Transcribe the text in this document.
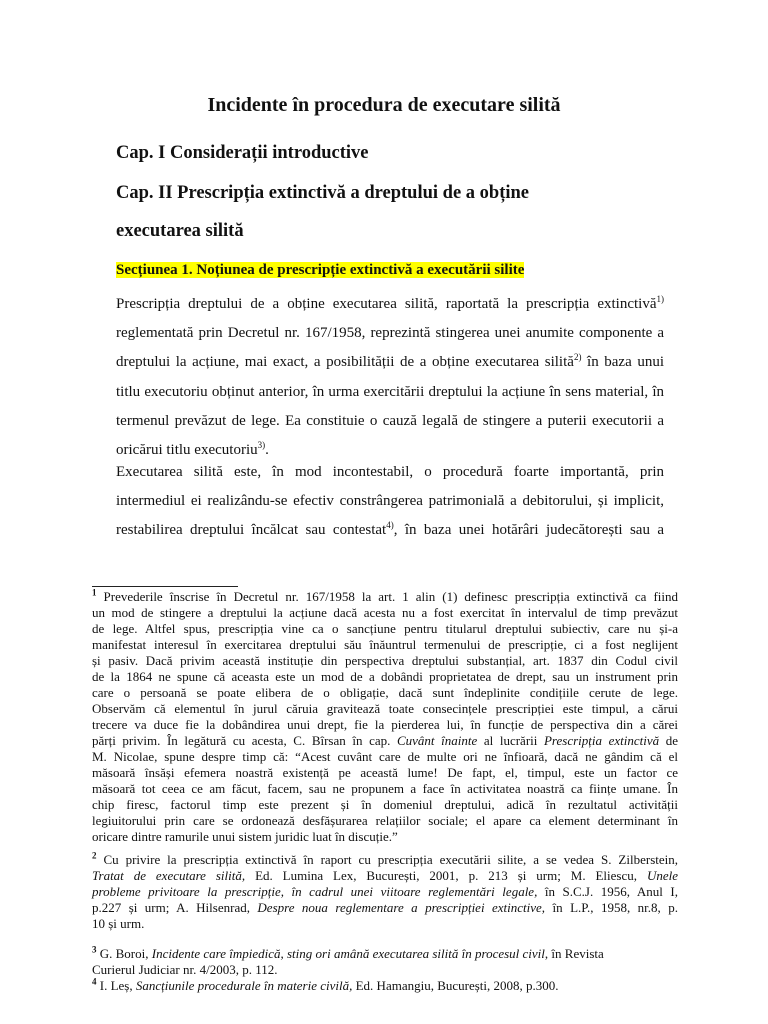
Incidente în procedura de executare silită

Cap. I Considerații introductive

Cap. II Prescripția extinctivă a dreptului de a obține
executarea silită

Secțiunea 1. Noțiunea de prescripție extinctivă a executării silite

Prescripția dreptului de a obține executarea silită, raportată la prescripția extinctivă$^{1)}$
reglementată prin Decretul nr. 167/1958, reprezintă stingerea unei anumite componente a
dreptului la acțiune, mai exact, a posibilității de a obține executarea silită$^{2)}$ în baza unui
titlu executoriu obținut anterior, în urma exercitării dreptului la acțiune în sens material, în
termenul prevăzut de lege. Ea constituie o cauză legală de stingere a puterii executorii a
oricărui titlu executoriu$^{3)}$.
Executarea silită este, în mod incontestabil, o procedură foarte importantă, prin
intermediul ei realizându-se efectiv constrângerea patrimonială a debitorului, și implicit,
restabilirea dreptului încălcat sau contestat$^{4)}$, în baza unei hotărâri judecătorești sau a
$^1$ Prevederile înscrise în Decretul nr. 167/1958 la art. 1 alin (1) definesc prescripția extinctivă ca fiind
un mod de stingere a dreptului la acțiune dacă acesta nu a fost exercitat în intervalul de timp prevăzut
de lege. Altfel spus, prescripția vine ca o sancțiune pentru titularul dreptului subiectiv, care nu și-a
manifestat interesul în exercitarea dreptului său înăuntrul termenului de prescripție, ci a fost neglijent
și pasiv. Dacă privim această instituție din perspectiva dreptului substanțial, art. 1837 din Codul civil
de la 1864 ne spune că aceasta este un mod de a dobândi proprietatea de drept, sau un instrument prin
care o persoană se poate elibera de o obligație, dacă sunt îndeplinite condițiile cerute de lege.
Observăm că elementul în jurul căruia gravitează toate consecințele prescripției este timpul, a cărui
trecere va duce fie la dobândirea unui drept, fie la pierderea lui, în funcție de perspectiva din a cărei
părți privim. În legătură cu acesta, C. Bîrsan în cap. Cuvânt înainte al lucrării Prescripția extinctivă de
M. Nicolae, spune despre timp că: “Acest cuvânt care de multe ori ne înfioară, dacă ne gândim că el
măsoară însăși efemera noastră existență pe această lume! De fapt, el, timpul, este un factor ce
măsoară tot ceea ce am făcut, facem, sau ne propunem a face în activitatea noastră ca ființe umane. În
chip firesc, factorul timp este prezent și în domeniul dreptului, adică în rezultatul activității
legiuitorului prin care se ordonează desfășurarea relațiilor sociale; el apare ca element determinant în
oricare dintre ramurile unui sistem juridic luat în discuție.”
$^2$ Cu privire la prescripția extinctivă în raport cu prescripția executării silite, a se vedea S. Zilberstein,
Tratat de executare silită, Ed. Lumina Lex, București, 2001, p. 213 și urm; M. Eliescu, Unele
probleme privitoare la prescripție, în cadrul unei viitoare reglementări legale, în S.C.J. 1956, Anul I,
p.227 și urm; A. Hilsenrad, Despre noua reglementare a prescripției extinctive, în L.P., 1958, nr.8, p.
10 și urm.
$^3$ G. Boroi, Incidente care împiedică, sting ori amână executarea silită în procesul civil, în Revista
Curierul Judiciar nr. 4/2003, p. 112.
$^4$ I. Leș, Sancțiunile procedurale în materie civilă, Ed. Hamangiu, București, 2008, p.300.
